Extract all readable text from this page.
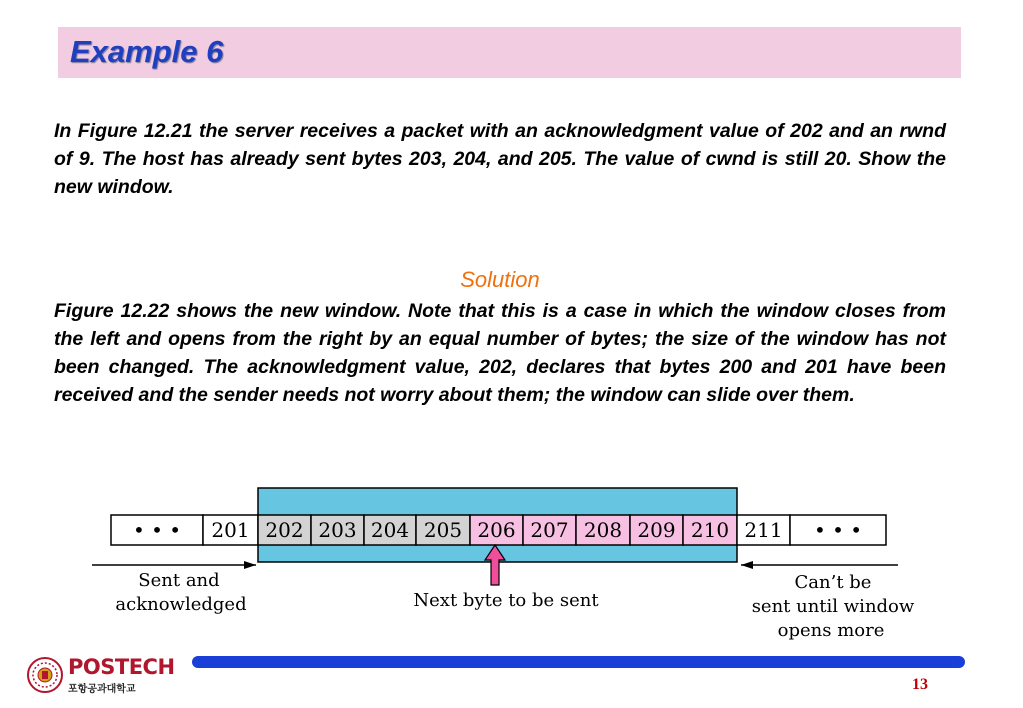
Example 6
In Figure 12.21 the server receives a packet with an acknowledgment value of 202 and an rwnd of 9. The host has already sent bytes 203, 204, and 205. The value of cwnd is still 20. Show the new window.
Solution
Figure 12.22 shows the new window. Note that this is a case in which the window closes from the left and opens from the right by an equal number of bytes; the size of the window has not been changed. The acknowledgment value, 202, declares that bytes 200 and 201 have been received and the sender needs not worry about them; the window can slide over them.
• • • 201 202 203 204 205 206 207 208 209 210 211 • • •
Sent and
acknowledged	Next byte to be sent
Can’t be
sent until window
opens more
POSTECH
포항공과대학교	13
